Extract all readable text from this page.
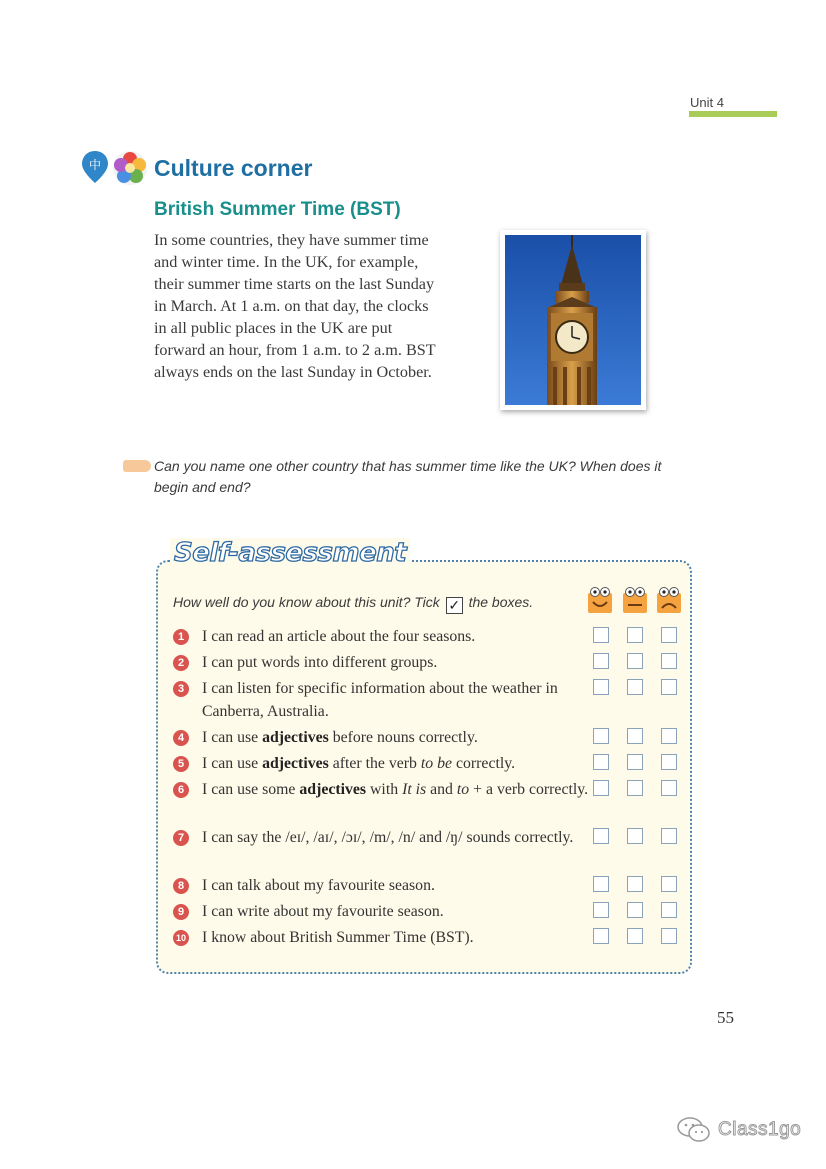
Unit 4
中 Culture corner
British Summer Time (BST)
In some countries, they have summer time
and winter time. In the UK, for example,
their summer time starts on the last Sunday
in March. At 1 a.m. on that day, the clocks
in all public places in the UK are put
forward an hour, from 1 a.m. to 2 a.m. BST
always ends on the last Sunday in October.
Can you name one other country that has summer time like the UK? When does it
begin and end?
Self-assessment
How well do you know about this unit? Tick ✓ the boxes.
1	I can read an article about the four seasons.
2	I can put words into different groups.
3	I can listen for specific information about the weather in Canberra, Australia.
4	I can use adjectives before nouns correctly.
5	I can use adjectives after the verb to be correctly.
6	I can use some adjectives with It is and to + a verb correctly.
7	I can say the /eɪ/, /aɪ/, /ɔɪ/, /m/, /n/ and /ŋ/ sounds correctly.
8	I can talk about my favourite season.
9	I can write about my favourite season.
10 I know about British Summer Time (BST).
55
Class1go
